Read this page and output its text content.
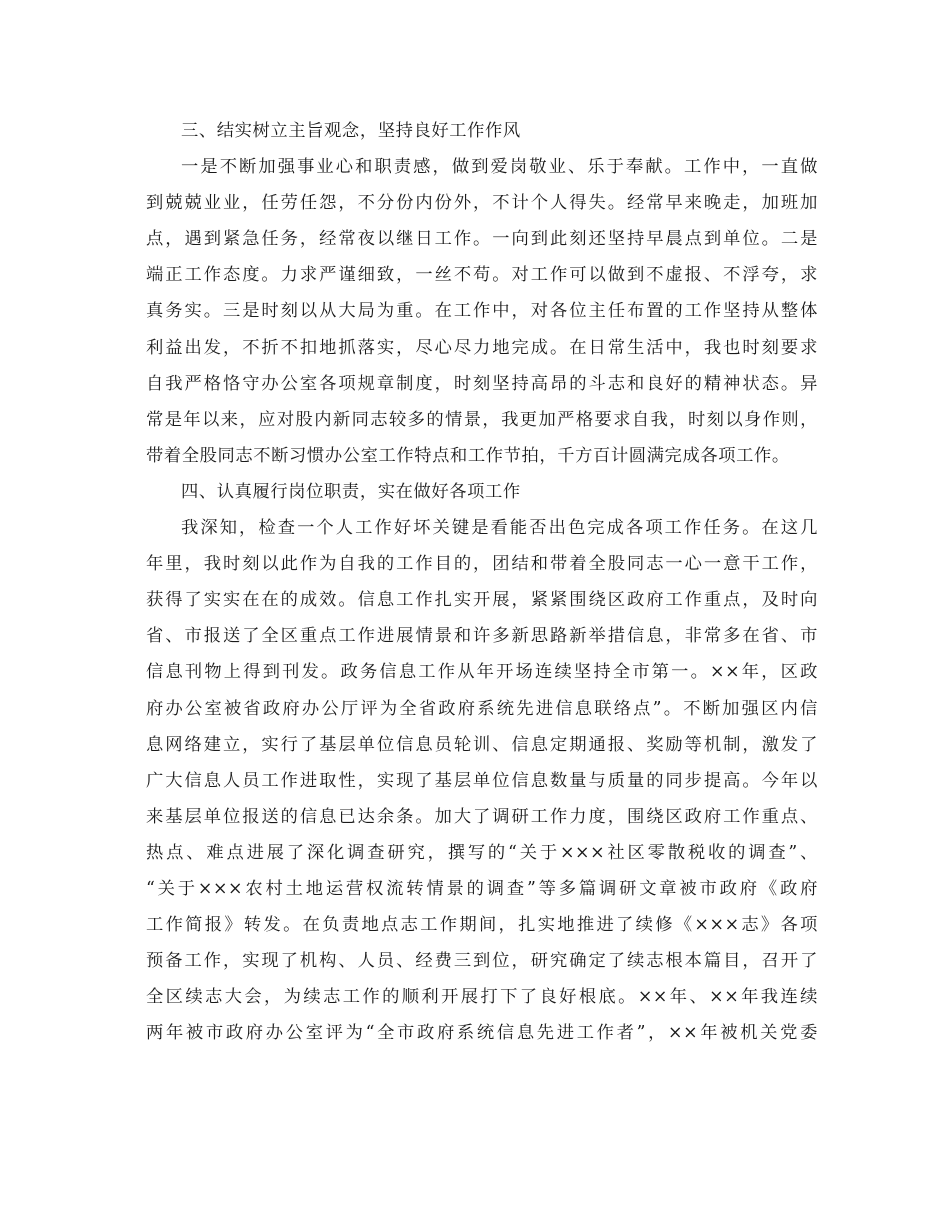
三、结实树立主旨观念，坚持良好工作作风

一是不断加强事业心和职责感，做到爱岗敬业、乐于奉献。工作中，一直做
到兢兢业业，任劳任怨，不分份内份外，不计个人得失。经常早来晚走，加班加
点，遇到紧急任务，经常夜以继日工作。一向到此刻还坚持早晨点到单位。二是
端正工作态度。力求严谨细致，一丝不苟。对工作可以做到不虚报、不浮夸，求
真务实。三是时刻以从大局为重。在工作中，对各位主任布置的工作坚持从整体
利益出发，不折不扣地抓落实，尽心尽力地完成。在日常生活中，我也时刻要求
自我严格恪守办公室各项规章制度，时刻坚持高昂的斗志和良好的精神状态。异
常是年以来，应对股内新同志较多的情景，我更加严格要求自我，时刻以身作则，
带着全股同志不断习惯办公室工作特点和工作节拍，千方百计圆满完成各项工作。

四、认真履行岗位职责，实在做好各项工作

我深知，检查一个人工作好坏关键是看能否出色完成各项工作任务。在这几
年里，我时刻以此作为自我的工作目的，团结和带着全股同志一心一意干工作，
获得了实实在在的成效。信息工作扎实开展，紧紧围绕区政府工作重点，及时向
省、市报送了全区重点工作进展情景和许多新思路新举措信息，非常多在省、市
信息刊物上得到刊发。政务信息工作从年开场连续坚持全市第一。××年，区政
府办公室被省政府办公厅评为全省政府系统先进信息联络点”。不断加强区内信
息网络建立，实行了基层单位信息员轮训、信息定期通报、奖励等机制，激发了
广大信息人员工作进取性，实现了基层单位信息数量与质量的同步提高。今年以
来基层单位报送的信息已达余条。加大了调研工作力度，围绕区政府工作重点、
热点、难点进展了深化调查研究，撰写的“关于×××社区零散税收的调查”、
“关于×××农村土地运营权流转情景的调查”等多篇调研文章被市政府《政府
工作简报》转发。在负责地点志工作期间，扎实地推进了续修《×××志》各项
预备工作，实现了机构、人员、经费三到位，研究确定了续志根本篇目，召开了
全区续志大会，为续志工作的顺利开展打下了良好根底。××年、××年我连续
两年被市政府办公室评为“全市政府系统信息先进工作者”，××年被机关党委
